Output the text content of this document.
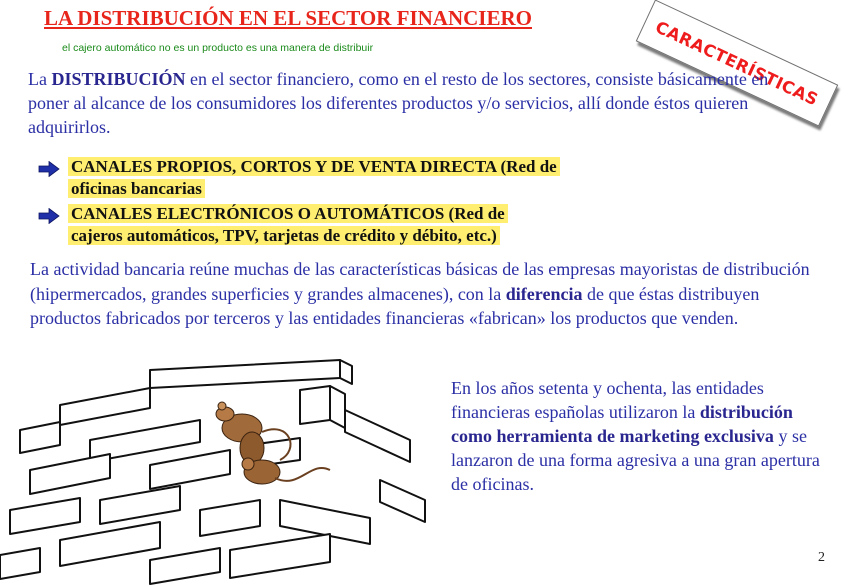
LA DISTRIBUCIÓN EN EL SECTOR FINANCIERO
el cajero automático no es un producto es una manera de distribuir	CARACTERÍSTICAS
La DISTRIBUCIÓN en el sector financiero, como en el resto de los sectores, consiste básicamente en poner al alcance de los consumidores los diferentes productos y/o servicios, allí donde éstos quieren adquirirlos.
CANALES PROPIOS, CORTOS Y DE VENTA DIRECTA (Red de
oficinas bancarias
CANALES ELECTRÓNICOS O AUTOMÁTICOS (Red de
cajeros automáticos, TPV, tarjetas de crédito y débito, etc.)
La actividad bancaria reúne muchas de las características básicas de las empresas mayoristas de distribución (hipermercados, grandes superficies y grandes almacenes), con la diferencia de que éstas distribuyen productos fabricados por terceros y las entidades financieras «fabrican» los productos que venden.
En los años setenta y ochenta, las entidades financieras españolas utilizaron la distribución como herramienta de marketing exclusiva y se lanzaron de una forma agresiva a una gran apertura de oficinas.
2
